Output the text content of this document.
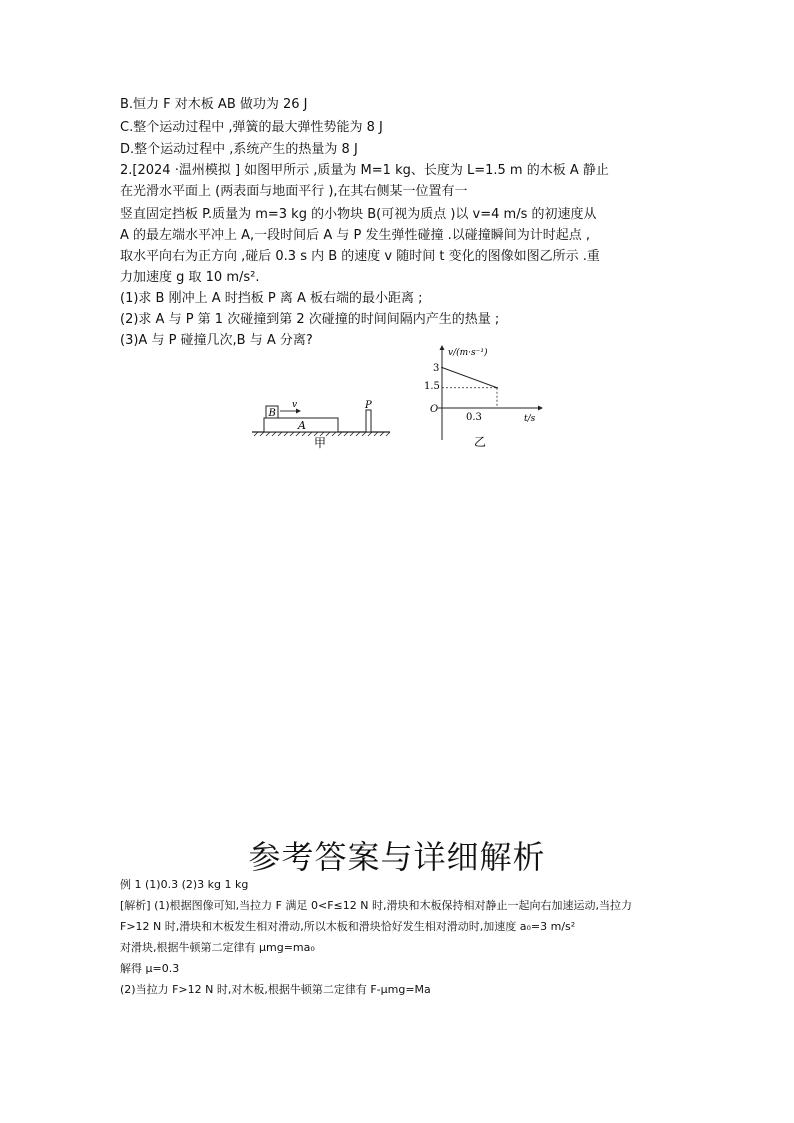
B.恒力 F 对木板 AB 做功为 26 J
C.整个运动过程中 ,弹簧的最大弹性势能为 8 J
D.整个运动过程中 ,系统产生的热量为 8 J
2.[2024 ·温州模拟 ] 如图甲所示 ,质量为 M=1 kg、长度为 L=1.5 m 的木板 A 静止
在光滑水平面上 (两表面与地面平行 ),在其右侧某一位置有一
竖直固定挡板 P.质量为 m=3 kg 的小物块 B(可视为质点 )以 v=4 m/s 的初速度从
A 的最左端水平冲上 A,一段时间后 A 与 P 发生弹性碰撞 .以碰撞瞬间为计时起点 ,
取水平向右为正方向 ,碰后 0.3 s 内 B 的速度 v 随时间 t 变化的图像如图乙所示 .重
力加速度 g 取 10 m/s².
(1)求 B 刚冲上 A 时挡板 P 离 A 板右端的最小距离 ;
(2)求 A 与 P 第 1 次碰撞到第 2 次碰撞的时间间隔内产生的热量 ;
(3)A 与 P 碰撞几次,B 与 A 分离?
B
v
A
P
甲
v/(m·s⁻¹)
t/s
O
3
1.5
0.3
乙
参考答案与详细解析
例 1 (1)0.3 (2)3 kg 1 kg
[解析] (1)根据图像可知,当拉力 F 满足 0<F≤12 N 时,滑块和木板保持相对静止一起向右加速运动,当拉力
F>12 N 时,滑块和木板发生相对滑动,所以木板和滑块恰好发生相对滑动时,加速度 a₀=3 m/s²
对滑块,根据牛顿第二定律有 μmg=ma₀
解得 μ=0.3
(2)当拉力 F>12 N 时,对木板,根据牛顿第二定律有 F-μmg=Ma
